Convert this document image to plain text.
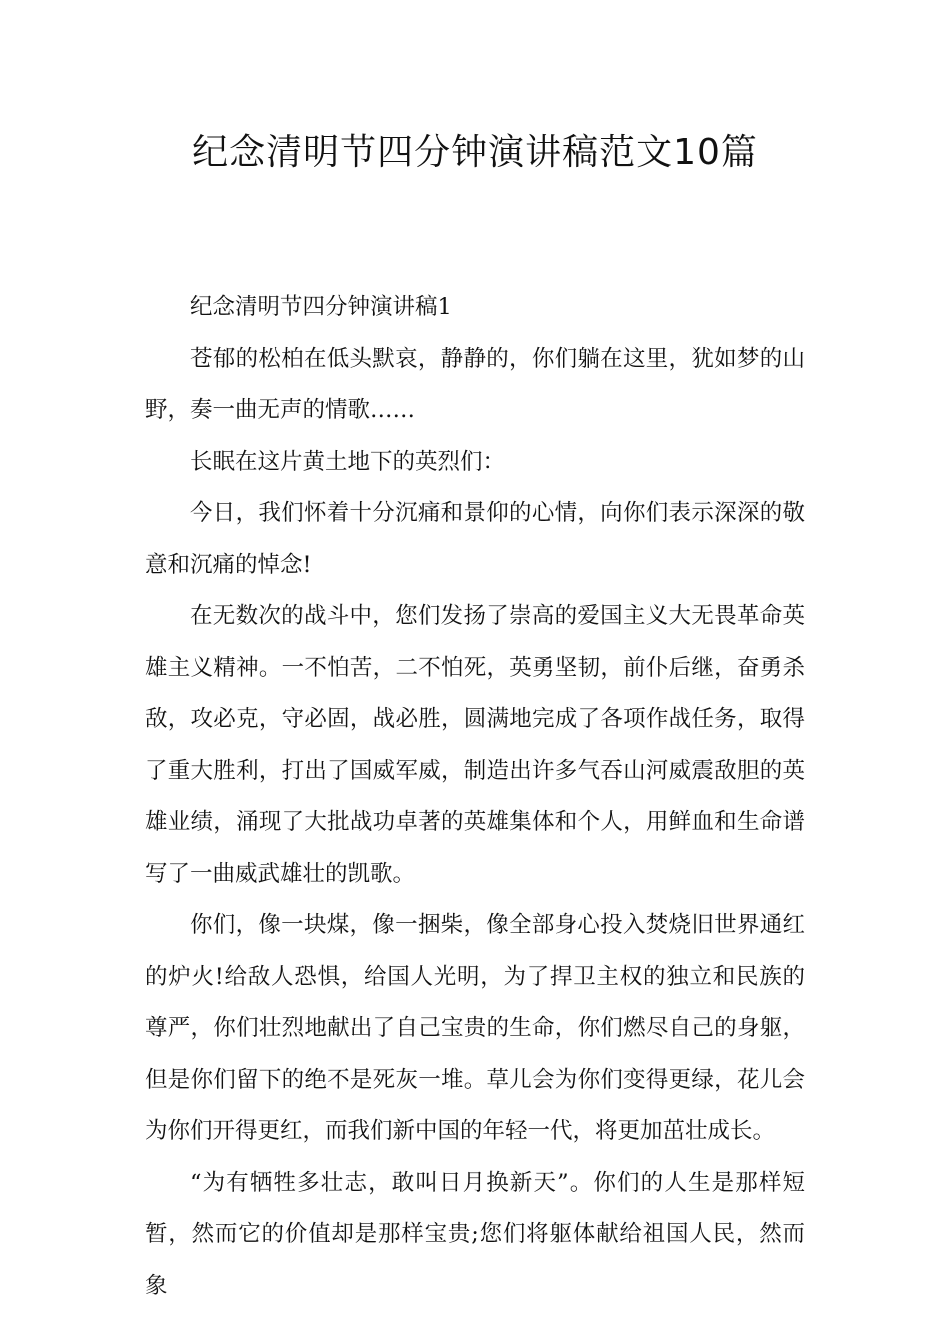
纪念清明节四分钟演讲稿范文10篇

纪念清明节四分钟演讲稿1

苍郁的松柏在低头默哀，静静的，你们躺在这里，犹如梦的山野，奏一曲无声的情歌……

长眠在这片黄土地下的英烈们：

今日，我们怀着十分沉痛和景仰的心情，向你们表示深深的敬意和沉痛的悼念!

在无数次的战斗中，您们发扬了崇高的爱国主义大无畏革命英雄主义精神。一不怕苦，二不怕死，英勇坚韧，前仆后继，奋勇杀敌，攻必克，守必固，战必胜，圆满地完成了各项作战任务，取得了重大胜利，打出了国威军威，制造出许多气吞山河威震敌胆的英雄业绩，涌现了大批战功卓著的英雄集体和个人，用鲜血和生命谱写了一曲威武雄壮的凯歌。

你们，像一块煤，像一捆柴，像全部身心投入焚烧旧世界通红的炉火!给敌人恐惧，给国人光明，为了捍卫主权的独立和民族的尊严，你们壮烈地献出了自己宝贵的生命，你们燃尽自己的身躯，但是你们留下的绝不是死灰一堆。草儿会为你们变得更绿，花儿会为你们开得更红，而我们新中国的年轻一代，将更加茁壮成长。

“为有牺牲多壮志，敢叫日月换新天”。你们的人生是那样短暂，然而它的价值却是那样宝贵;您们将躯体献给祖国人民，然而象
